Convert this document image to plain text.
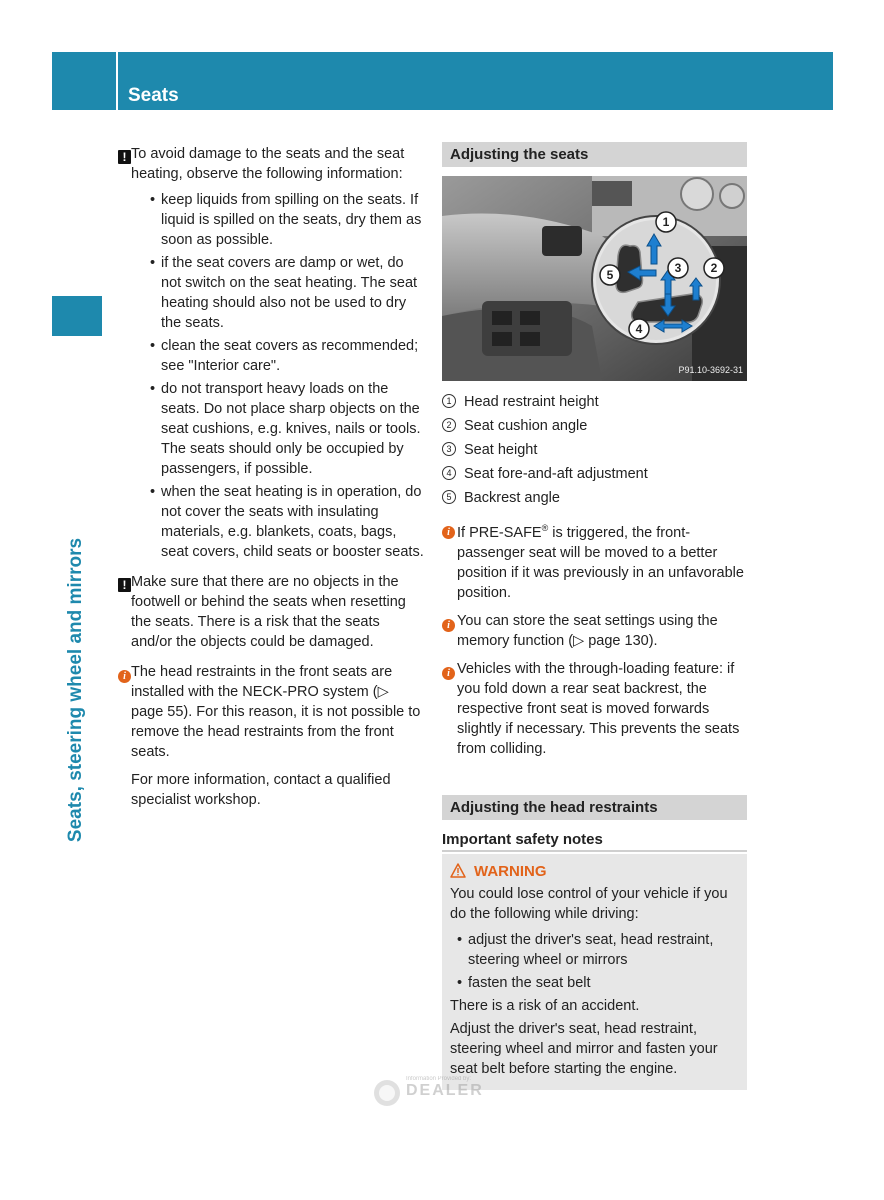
Seats
118
Seats, steering wheel and mirrors
! To avoid damage to the seats and the seat heating, observe the following information:
• keep liquids from spilling on the seats. If liquid is spilled on the seats, dry them as soon as possible.
• if the seat covers are damp or wet, do not switch on the seat heating. The seat heating should also not be used to dry the seats.
• clean the seat covers as recommended; see "Interior care".
• do not transport heavy loads on the seats. Do not place sharp objects on the seat cushions, e.g. knives, nails or tools. The seats should only be occupied by passengers, if possible.
• when the seat heating is in operation, do not cover the seats with insulating materials, e.g. blankets, coats, bags, seat covers, child seats or booster seats.
! Make sure that there are no objects in the footwell or behind the seats when resetting the seats. There is a risk that the seats and/or the objects could be damaged.
i The head restraints in the front seats are installed with the NECK-PRO system (▷ page 55). For this reason, it is not possible to remove the head restraints from the front seats.
For more information, contact a qualified specialist workshop.
Adjusting the seats
1
2
3
4
5
P91.10-3692-31
1 Head restraint height
2 Seat cushion angle
3 Seat height
4 Seat fore-and-aft adjustment
5 Backrest angle
i If PRE-SAFE® is triggered, the front-passenger seat will be moved to a better position if it was previously in an unfavorable position.
i You can store the seat settings using the memory function (▷ page 130).
i Vehicles with the through-loading feature: if you fold down a rear seat backrest, the respective front seat is moved forwards slightly if necessary. This prevents the seats from colliding.
Adjusting the head restraints
Important safety notes
WARNING

You could lose control of your vehicle if you do the following while driving:

• adjust the driver's seat, head restraint, steering wheel or mirrors
• fasten the seat belt

There is a risk of an accident.

Adjust the driver's seat, head restraint, steering wheel and mirror and fasten your seat belt before starting the engine.

Information Provided by:
DEALER
